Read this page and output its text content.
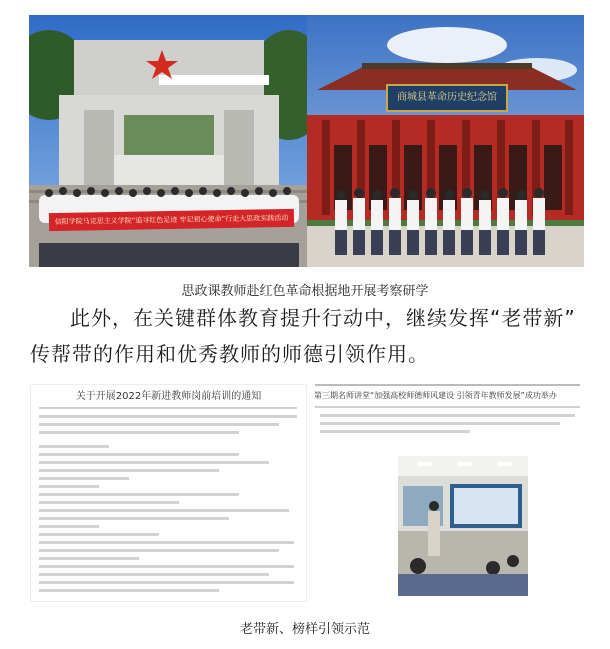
信阳学院马克思主义学院“追寻红色足迹 牢记初心使命”行走大思政实践活动
商城县革命历史纪念馆
思政课教师赴红色革命根据地开展考察研学
此外，在关键群体教育提升行动中，继续发挥“老带新”
传帮带的作用和优秀教师的师德引领作用。
关于开展2022年新进教师岗前培训的通知	第三期名师讲堂“加强高校师德师风建设 引领青年教师发展”成功举办
老带新、榜样引领示范
